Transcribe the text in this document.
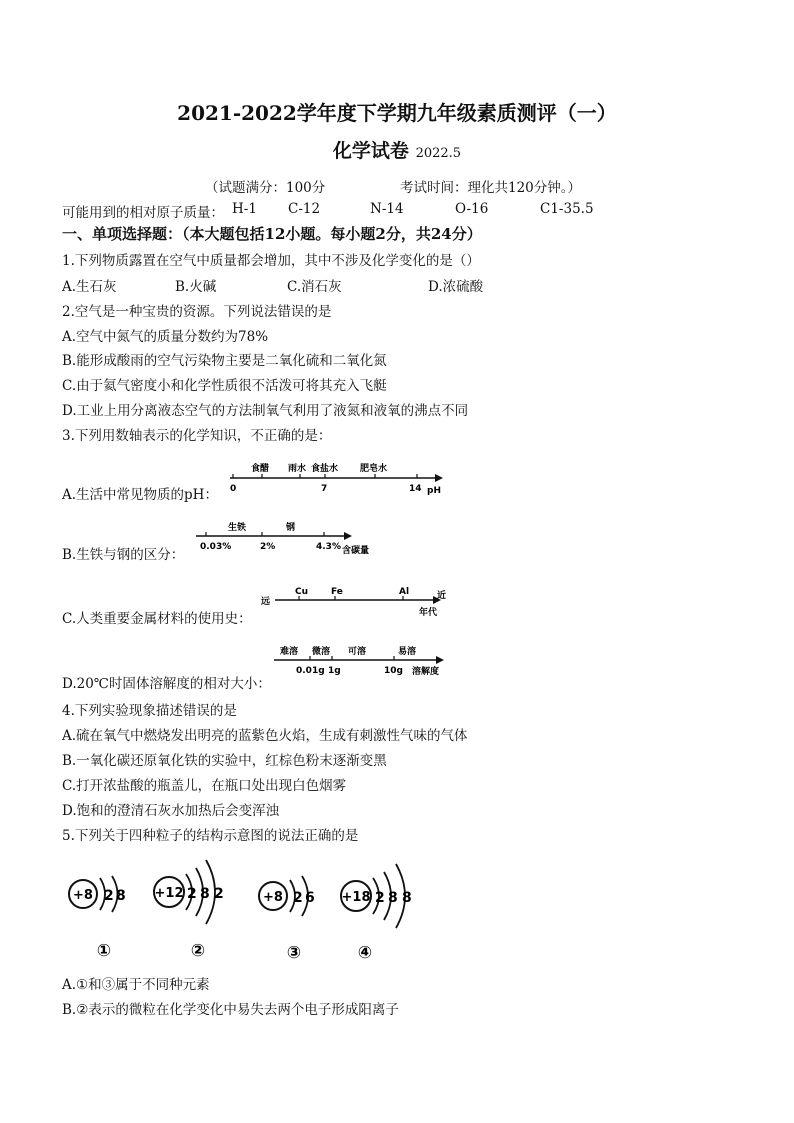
2021-2022学年度下学期九年级素质测评（一）
化学试卷 2022.5
（试题满分：100分	考试时间：理化共120分钟。）
可能用到的相对原子质量： H-1 C-12	N-14	O-16	C1-35.5
一、单项选择题：（本大题包括12小题。每小题2分，共24分）
1.下列物质露置在空气中质量都会增加，其中不涉及化学变化的是（）
A.生石灰	B.火碱	C.消石灰	D.浓硫酸
2.空气是一种宝贵的资源。下列说法错误的是
A.空气中氮气的质量分数约为78%
B.能形成酸雨的空气污染物主要是二氧化硫和二氧化氮
C.由于氦气密度小和化学性质很不活泼可将其充入飞艇
D.工业上用分离液态空气的方法制氧气利用了液氮和液氧的沸点不同
3.下列用数轴表示的化学知识，不正确的是：
A.生活中常见物质的pH：
食醋 雨水 食盐水 肥皂水
0	7	14 pH
B.生铁与钢的区分：
生铁	钢
0.03%	2%	4.3% 含碳量
C.人类重要金属材料的使用史：
远
Cu	Fe	Al	近
年代
D.20℃时固体溶解度的相对大小：
难溶 微溶 可溶	易溶
0.01g 1g	10g 溶解度
4.下列实验现象描述错误的是
A.硫在氧气中燃烧发出明亮的蓝紫色火焰，生成有刺激性气味的气体
B.一氧化碳还原氧化铁的实验中，红棕色粉末逐渐变黑
C.打开浓盐酸的瓶盖儿，在瓶口处出现白色烟雾
D.饱和的澄清石灰水加热后会变浑浊
5.下列关于四种粒子的结构示意图的说法正确的是
+8 2 8
①
+12 2 8 2
②
+8 2 6
③
+18 2 8 8
④
A.①和③属于不同种元素
B.②表示的微粒在化学变化中易失去两个电子形成阳离子
